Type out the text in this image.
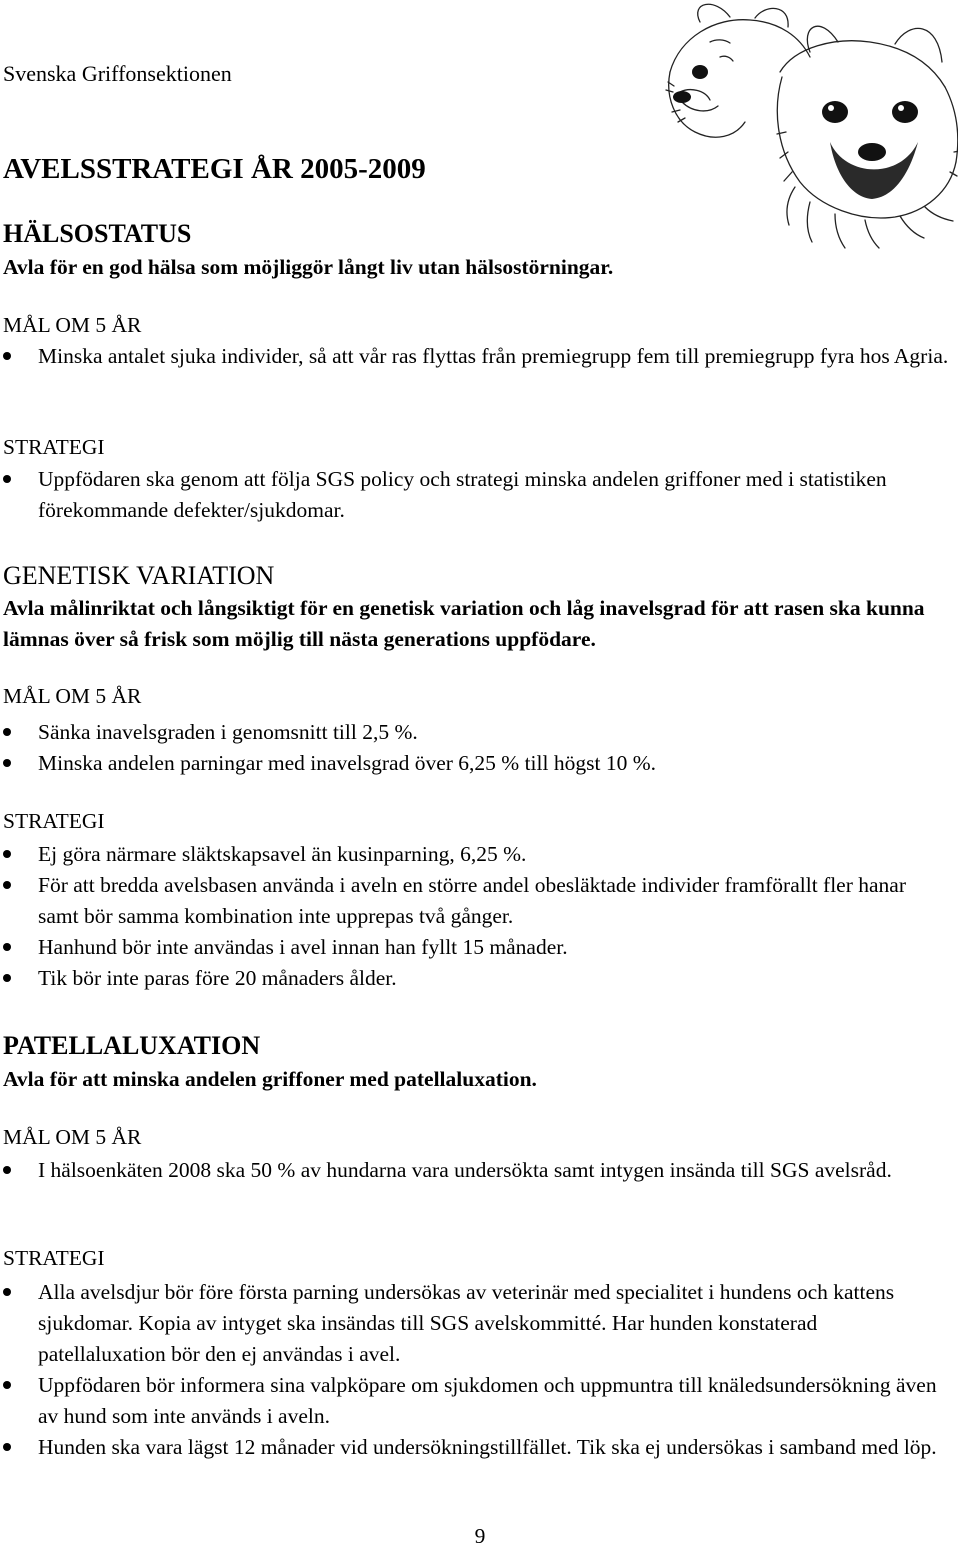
Svenska Griffonsektionen

AVELSSTRATEGI ÅR 2005-2009
HÄLSOSTATUS

Avla för en god hälsa som möjliggör långt liv utan hälsostörningar.

MÅL OM 5 ÅR

Minska antalet sjuka individer, så att vår ras flyttas från premiegrupp fem till premiegrupp fyra hos Agria.

STRATEGI

Uppfödaren ska genom att följa SGS policy och strategi minska andelen griffoner med i statistiken förekommande defekter/sjukdomar.
GENETISK VARIATION

Avla målinriktat och långsiktigt för en genetisk variation och låg inavelsgrad för att rasen ska kunna lämnas över så frisk som möjlig till nästa generations uppfödare.

MÅL OM 5 ÅR

Sänka inavelsgraden i genomsnitt till 2,5 %.
Minska andelen parningar med inavelsgrad över 6,25 % till högst 10 %.

STRATEGI

Ej göra närmare släktskapsavel än kusinparning, 6,25 %.
För att bredda avelsbasen använda i aveln en större andel obesläktade individer framförallt fler hanar samt bör samma kombination inte upprepas två gånger.
Hanhund bör inte användas i avel innan han fyllt 15 månader.
Tik bör inte paras före 20 månaders ålder.
PATELLALUXATION

Avla för att minska andelen griffoner med patellaluxation.

MÅL OM 5 ÅR

I hälsoenkäten 2008 ska 50 % av hundarna vara undersökta samt intygen insända till SGS avelsråd.

STRATEGI

Alla avelsdjur bör före första parning undersökas av veterinär med specialitet i hundens och kattens sjukdomar. Kopia av intyget ska insändas till SGS avelskommitté. Har hunden konstaterad patellaluxation bör den ej användas i avel.
Uppfödaren bör informera sina valpköpare om sjukdomen och uppmuntra till knäledsundersökning även av hund som inte används i aveln.
Hunden ska vara lägst 12 månader vid undersökningstillfället. Tik ska ej undersökas i samband med löp.

9
